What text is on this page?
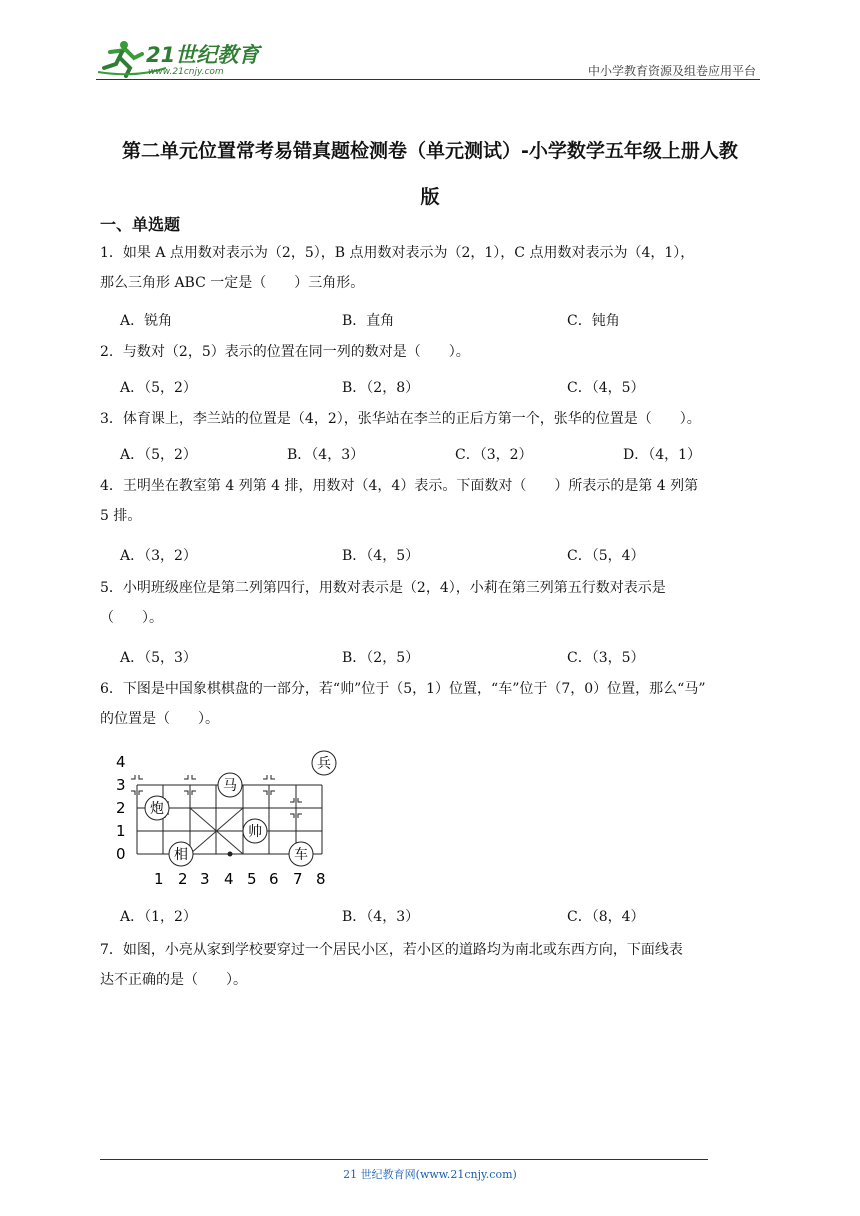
21世纪教育
www.21cnjy.com	中小学教育资源及组卷应用平台
第二单元位置常考易错真题检测卷（单元测试）-小学数学五年级上册人教
版
一、单选题
1．如果 A 点用数对表示为（2，5），B 点用数对表示为（2，1），C 点用数对表示为（4，1），
那么三角形 ABC 一定是（　　）三角形。
A．锐角	B．直角	C．钝角
2．与数对（2，5）表示的位置在同一列的数对是（　　）。
A．（5，2）	B．（2，8）	C．（4，5）
3．体育课上，李兰站的位置是（4，2），张华站在李兰的正后方第一个，张华的位置是（　　）。
A．（5，2）	B．（4，3）	C．（3，2）	D．（4，1）
4．王明坐在教室第 4 列第 4 排，用数对（4，4）表示。下面数对（　　）所表示的是第 4 列第
5 排。
A．（3，2）	B．（4，5）	C．（5，4）
5．小明班级座位是第二列第四行，用数对表示是（2，4），小莉在第三列第五行数对表示是
（　　）。
A．（5，3）	B．（2，5）	C．（3，5）
6．下图是中国象棋棋盘的一部分，若“帅”位于（5，1）位置，“车”位于（7，0）位置，那么“马”
的位置是（　　）。
4
3
2
1
0
1 2 3 4 5 6 7 8
兵
马
炮
帅
相	车
A．（1，2）	B．（4，3）	C．（8，4）
7．如图，小亮从家到学校要穿过一个居民小区，若小区的道路均为南北或东西方向，下面线表
达不正确的是（　　）。
21 世纪教育网(www.21cnjy.com)
